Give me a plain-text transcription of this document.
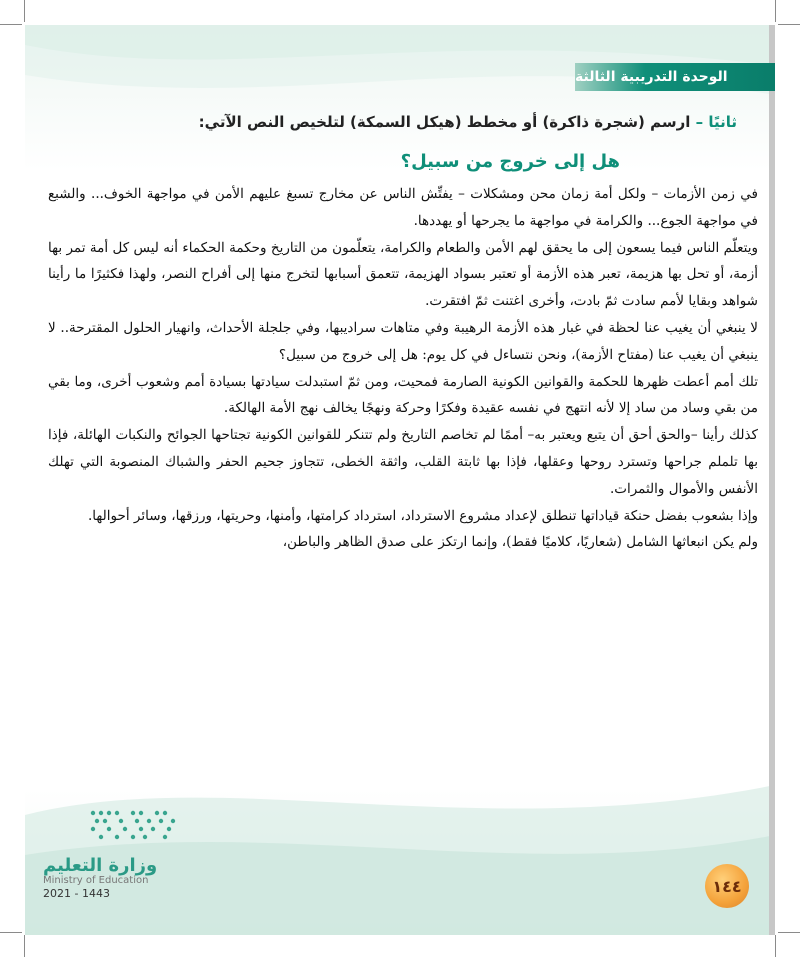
الوحدة التدريبية الثالثة
ثانيًا – ارسم (شجرة ذاكرة) أو مخطط (هيكل السمكة) لتلخيص النص الآتي:
هل إلى خروج من سبيل؟

في زمن الأزمات – ولكل أمة زمان محن ومشكلات – يفتِّش الناس عن مخارج تسبغ عليهم الأمن في مواجهة الخوف... والشبع في مواجهة الجوع... والكرامة في مواجهة ما يجرحها أو يهددها.

ويتعلّم الناس فيما يسعون إلى ما يحقق لهم الأمن والطعام والكرامة، يتعلّمون من التاريخ وحكمة الحكماء أنه ليس كل أمة تمر بها أزمة، أو تحل بها هزيمة، تعبر هذه الأزمة أو تعتبر بسواد الهزيمة، تتعمق أسبابها لتخرج منها إلى أفراح النصر، ولهذا فكثيرًا ما رأينا شواهد وبقايا لأمم سادت ثمّ بادت، وأخرى اغتنت ثمّ افتقرت.

لا ينبغي أن يغيب عنا لحظة في غبار هذه الأزمة الرهيبة وفي متاهات سراديبها، وفي جلجلة الأحداث، وانهيار الحلول المقترحة.. لا ينبغي أن يغيب عنا (مفتاح الأزمة)، ونحن نتساءل في كل يوم: هل إلى خروج من سبيل؟

تلك أمم أعطت ظهرها للحكمة والقوانين الكونية الصارمة فمحيت، ومن ثمّ استبدلت سيادتها بسيادة أمم وشعوب أخرى، وما بقي من بقي وساد من ساد إلا لأنه انتهج في نفسه عقيدة وفكرًا وحركة ونهجًا يخالف نهج الأمة الهالكة.

كذلك رأينا –والحق أحق أن يتبع ويعتبر به– أممًا لم تخاصم التاريخ ولم تتنكر للقوانين الكونية تجتاحها الجوائح والنكبات الهائلة، فإذا بها تلملم جراحها وتسترد روحها وعقلها، فإذا بها ثابتة القلب، واثقة الخطى، تتجاوز جحيم الحفر والشباك المنصوبة التي تهلك الأنفس والأموال والثمرات.

وإذا بشعوب بفضل حنكة قياداتها تنطلق لإعداد مشروع الاسترداد، استرداد كرامتها، وأمنها، وحريتها، ورزقها، وسائر أحوالها.

ولم يكن انبعاثها الشامل (شعاريًا، كلاميًا فقط)، وإنما ارتكز على صدق الظاهر والباطن،

وزارة التعليم
Ministry of Education
2021 - 1443	١٤٤
